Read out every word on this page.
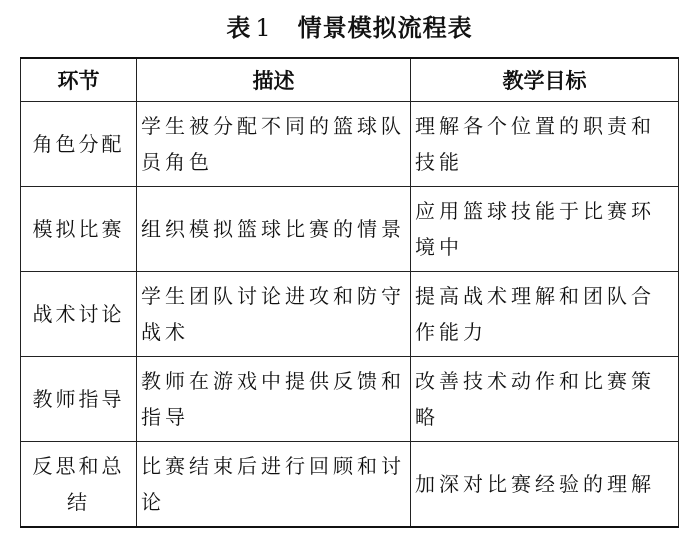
表 1 情景模拟流程表
环节	描述	教学目标
角色分配	学生被分配不同的篮球队员角色	理解各个位置的职责和技能
模拟比赛	组织模拟篮球比赛的情景	应用篮球技能于比赛环境中
战术讨论	学生团队讨论进攻和防守战术	提高战术理解和团队合作能力
教师指导	教师在游戏中提供反馈和指导	改善技术动作和比赛策略
反思和总结	比赛结束后进行回顾和讨论	加深对比赛经验的理解
